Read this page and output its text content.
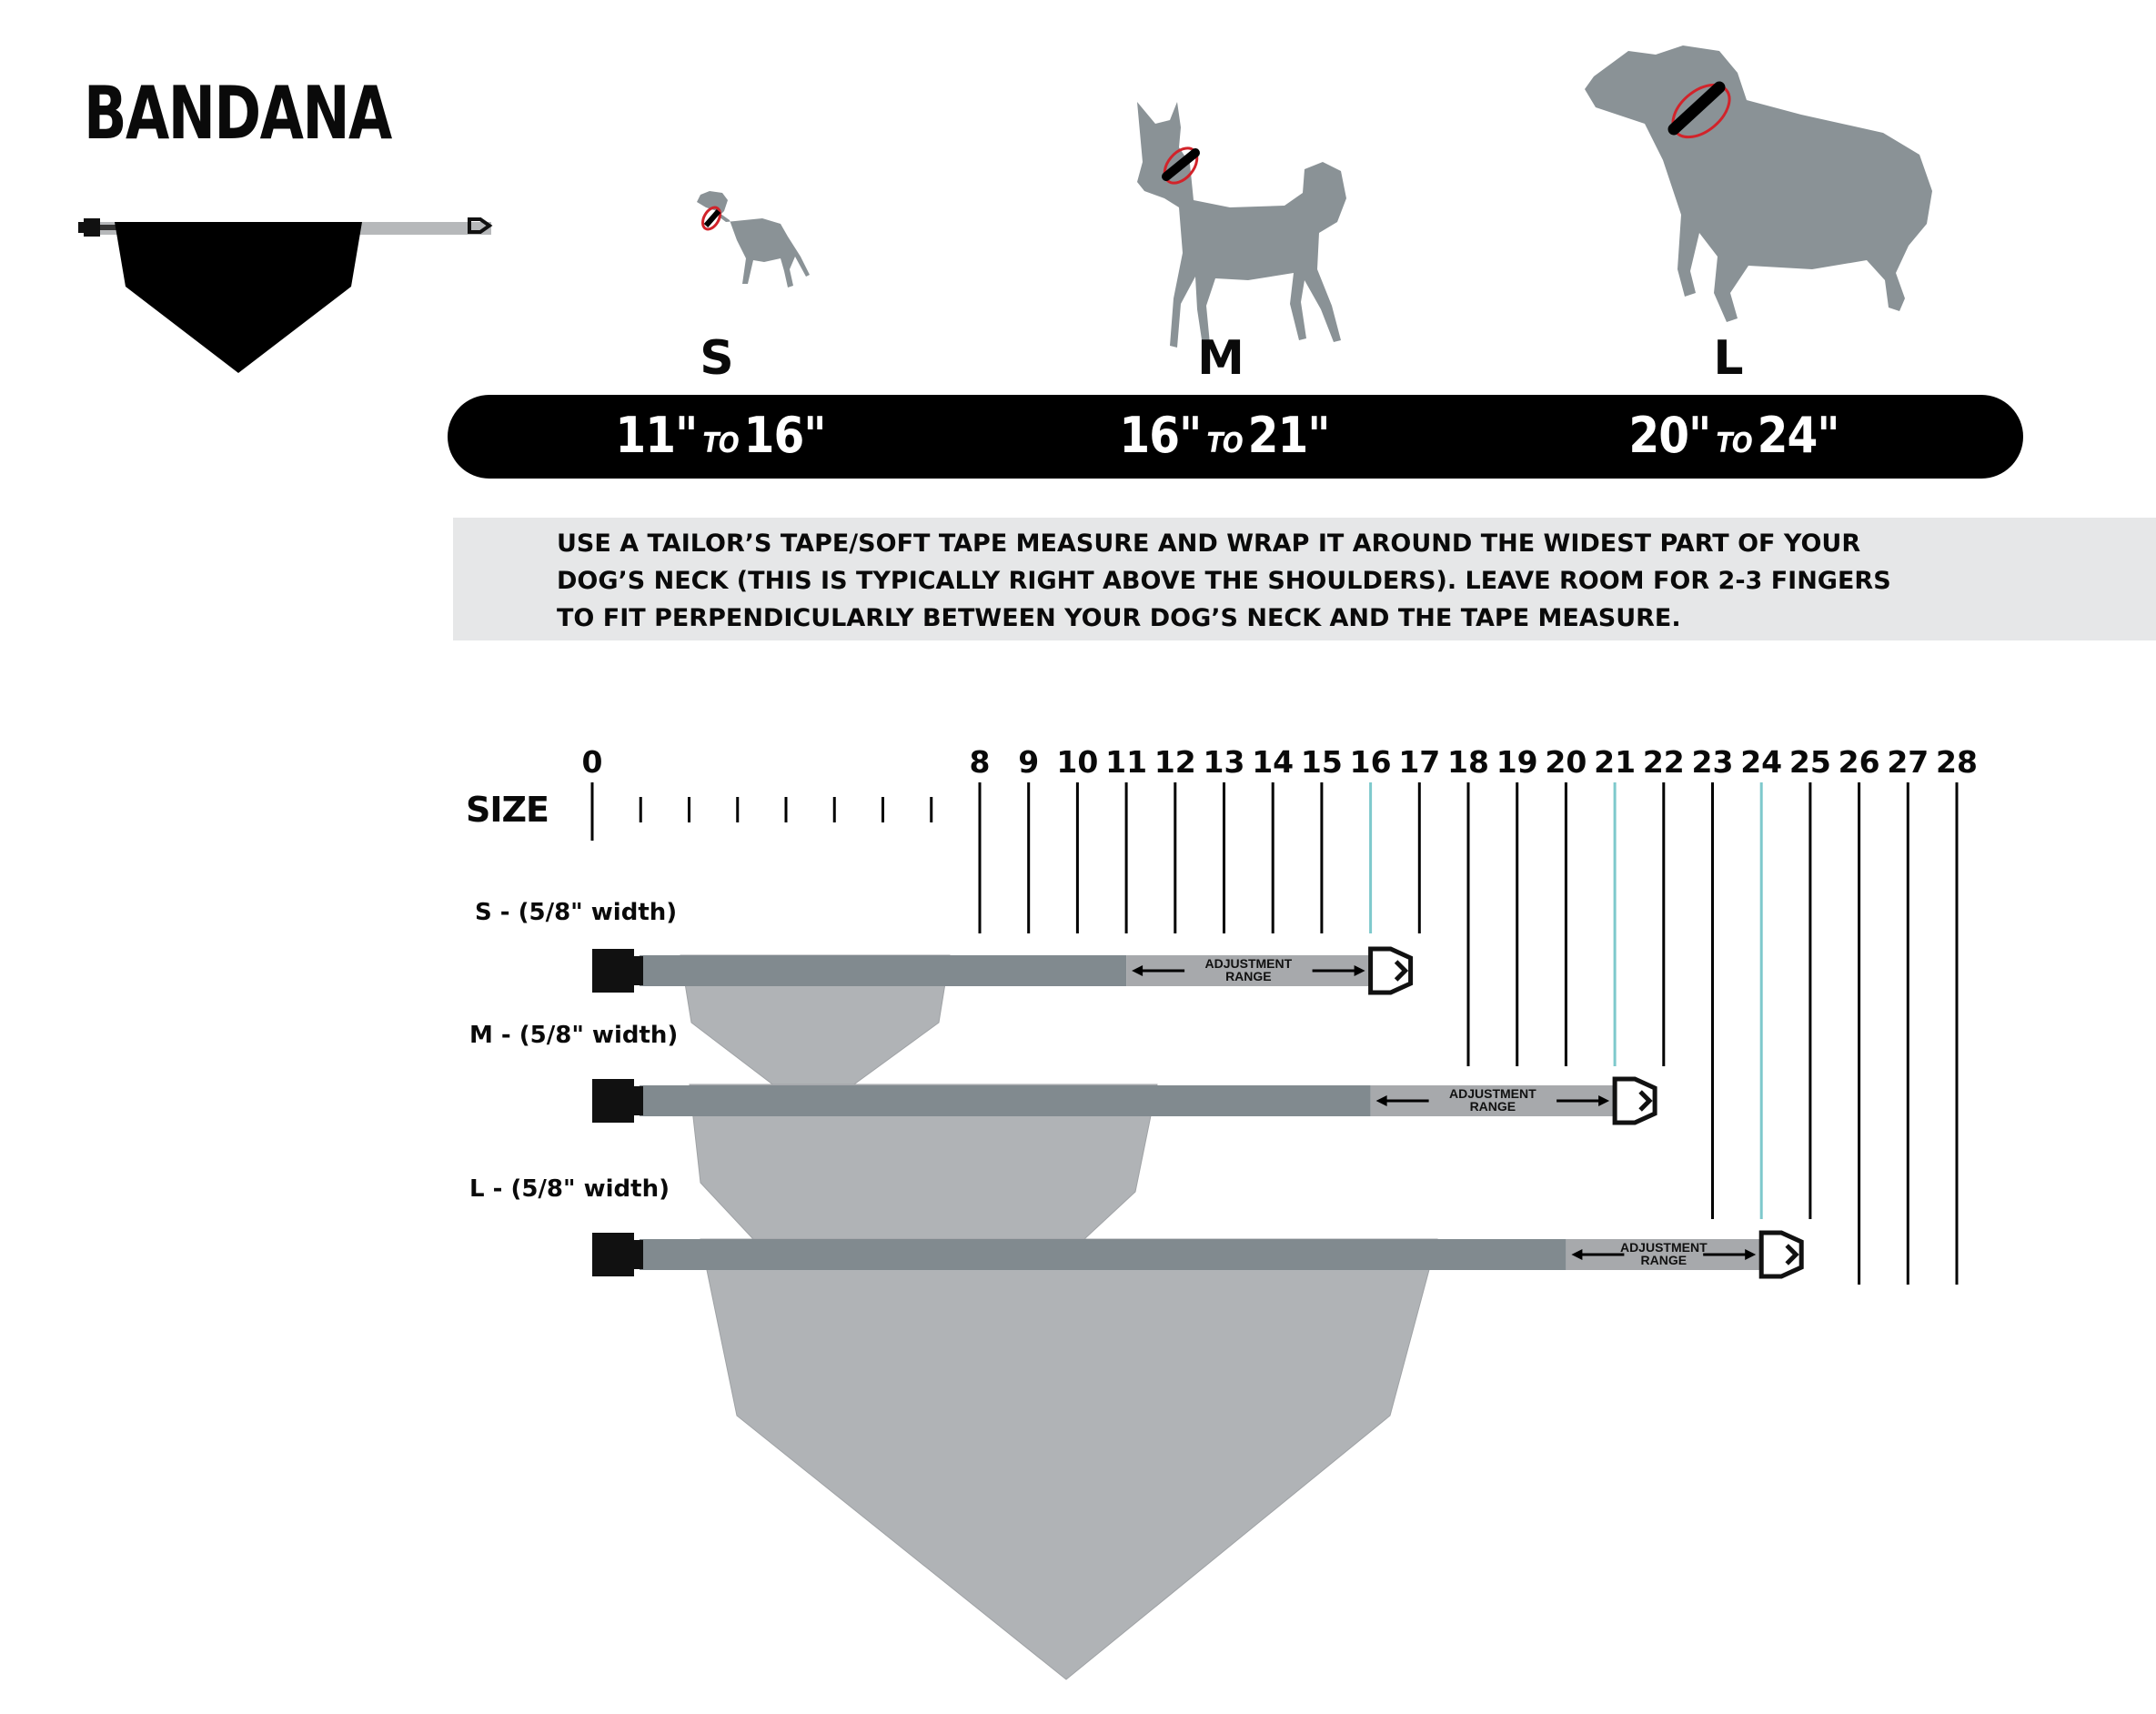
BANDANA
S	M	L
11" TO 16"	16" TO 21"	20" TO 24"

USE A TAILOR’S TAPE/SOFT TAPE MEASURE AND WRAP IT AROUND THE WIDEST PART OF YOUR DOG’S NECK (THIS IS TYPICALLY RIGHT ABOVE THE SHOULDERS). LEAVE ROOM FOR 2-3 FINGERS TO FIT PERPENDICULARLY BETWEEN YOUR DOG’S NECK AND THE TAPE MEASURE.

SIZE
0	8 9 10 11 12 13 14 15 16 17 18 19 20 21 22 23 24 25 26 27 28
S - (5/8" width)
M - (5/8" width)
L - (5/8" width)
ADJUSTMENT
RANGE
ADJUSTMENT
RANGE
ADJUSTMENT
RANGE
